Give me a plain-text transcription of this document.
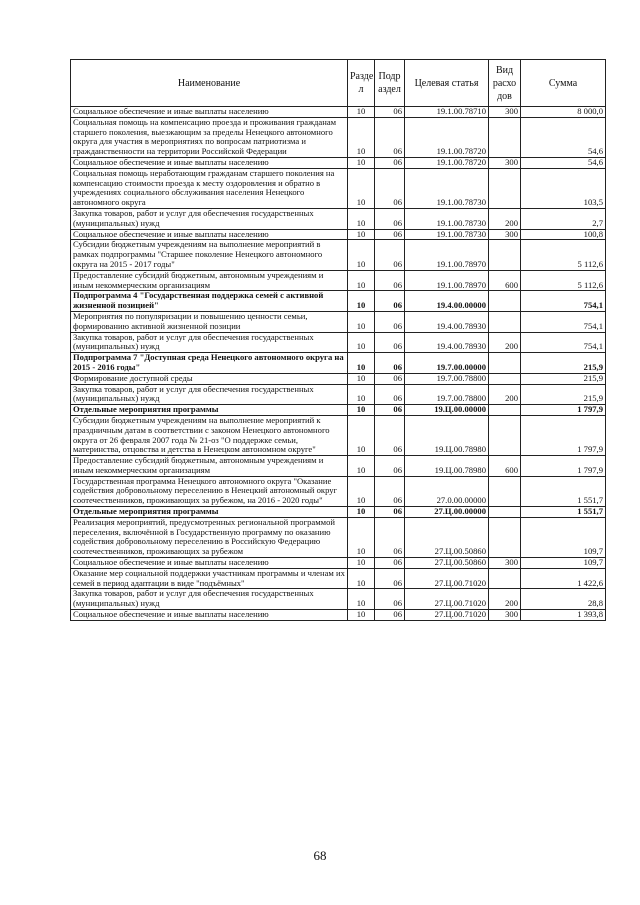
Наименование	Разде л	Подр аздел	Целевая статья	Вид расхо дов	Сумма
Социальное обеспечение и иные выплаты населению	10	06	19.1.00.78710	300	8 000,0
Социальная помощь на компенсацию проезда и проживания гражданам старшего поколения, выезжающим за пределы Ненецкого автономного округа для участия в мероприятиях по вопросам патриотизма и гражданственности на территории Российской Федерации	10	06	19.1.00.78720		54,6
Социальное обеспечение и иные выплаты населению	10	06	19.1.00.78720	300	54,6
Социальная помощь неработающим гражданам старшего поколения на компенсацию стоимости проезда к месту оздоровления и обратно в учреждениях социального обслуживания населения Ненецкого автономного округа	10	06	19.1.00.78730		103,5
Закупка товаров, работ и услуг для обеспечения государственных (муниципальных) нужд	10	06	19.1.00.78730	200	2,7
Социальное обеспечение и иные выплаты населению	10	06	19.1.00.78730	300	100,8
Субсидии бюджетным учреждениям на выполнение мероприятий в рамках подпрограммы "Старшее поколение Ненецкого автономного округа на 2015 - 2017 годы"	10	06	19.1.00.78970		5 112,6
Предоставление субсидий бюджетным, автономным учреждениям и иным некоммерческим организациям	10	06	19.1.00.78970	600	5 112,6
Подпрограмма 4 "Государственная поддержка семей с активной жизненной позицией"	10	06	19.4.00.00000		754,1
Мероприятия по популяризации и повышению ценности семьи, формированию активной жизненной позиции	10	06	19.4.00.78930		754,1
Закупка товаров, работ и услуг для обеспечения государственных (муниципальных) нужд	10	06	19.4.00.78930	200	754,1
Подпрограмма 7 "Доступная среда Ненецкого автономного округа на 2015 - 2016 годы"	10	06	19.7.00.00000		215,9
Формирование доступной среды	10	06	19.7.00.78800		215,9
Закупка товаров, работ и услуг для обеспечения государственных (муниципальных) нужд	10	06	19.7.00.78800	200	215,9
Отдельные мероприятия программы	10	06	19.Ц.00.00000		1 797,9
Субсидии бюджетным учреждениям на выполнение мероприятий к праздничным датам в соответствии с законом Ненецкого автономного округа от 26 февраля 2007 года № 21-оз "О поддержке семьи, материнства, отцовства и детства в Ненецком автономном округе"	10	06	19.Ц.00.78980		1 797,9
Предоставление субсидий бюджетным, автономным учреждениям и иным некоммерческим организациям	10	06	19.Ц.00.78980	600	1 797,9
Государственная программа Ненецкого автономного округа "Оказание содействия добровольному переселению в Ненецкий автономный округ соотечественников, проживающих за рубежом, на 2016 - 2020 годы"	10	06	27.0.00.00000		1 551,7
Отдельные мероприятия программы	10	06	27.Ц.00.00000		1 551,7
Реализация мероприятий, предусмотренных региональной программой переселения, включённой в Государственную программу по оказанию содействия добровольному переселению в Российскую Федерацию соотечественников, проживающих за рубежом	10	06	27.Ц.00.50860		109,7
Социальное обеспечение и иные выплаты населению	10	06	27.Ц.00.50860	300	109,7
Оказание мер социальной поддержки участникам программы и членам их семей в период адаптации в виде "подъёмных"	10	06	27.Ц.00.71020		1 422,6
Закупка товаров, работ и услуг для обеспечения государственных (муниципальных) нужд	10	06	27.Ц.00.71020	200	28,8
Социальное обеспечение и иные выплаты населению	10	06	27.Ц.00.71020	300	1 393,8
68
